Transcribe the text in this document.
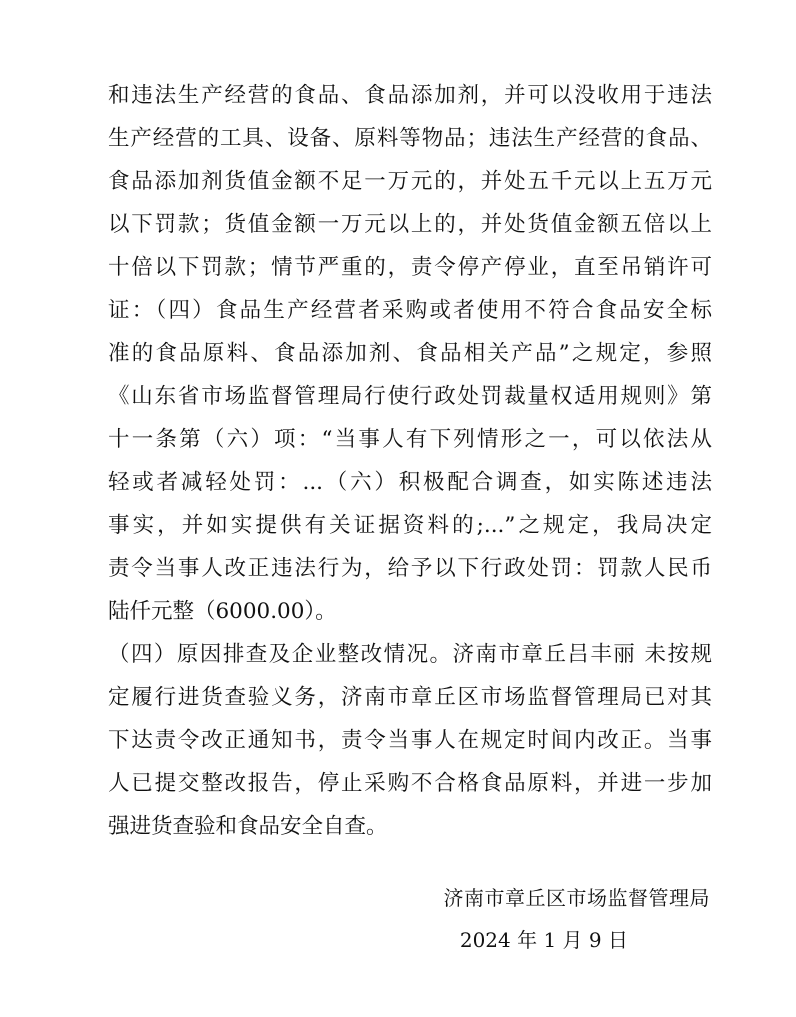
和违法生产经营的食品、食品添加剂，并可以没收用于违法
生产经营的工具、设备、原料等物品；违法生产经营的食品、
食品添加剂货值金额不足一万元的，并处五千元以上五万元
以下罚款；货值金额一万元以上的，并处货值金额五倍以上
十倍以下罚款；情节严重的，责令停产停业，直至吊销许可
证：（四）食品生产经营者采购或者使用不符合食品安全标
准的食品原料、食品添加剂、食品相关产品”之规定，参照
《山东省市场监督管理局行使行政处罚裁量权适用规则》第
十一条第（六）项：“当事人有下列情形之一，可以依法从
轻或者减轻处罚：...（六）积极配合调查，如实陈述违法
事实，并如实提供有关证据资料的;...”之规定，我局决定
责令当事人改正违法行为，给予以下行政处罚：罚款人民币
陆仟元整（6000.00）。
（四）原因排查及企业整改情况。济南市章丘吕丰丽 未按规
定履行进货查验义务，济南市章丘区市场监督管理局已对其
下达责令改正通知书，责令当事人在规定时间内改正。当事
人已提交整改报告，停止采购不合格食品原料，并进一步加
强进货查验和食品安全自查。
济南市章丘区市场监督管理局
2024 年 1 月 9 日
